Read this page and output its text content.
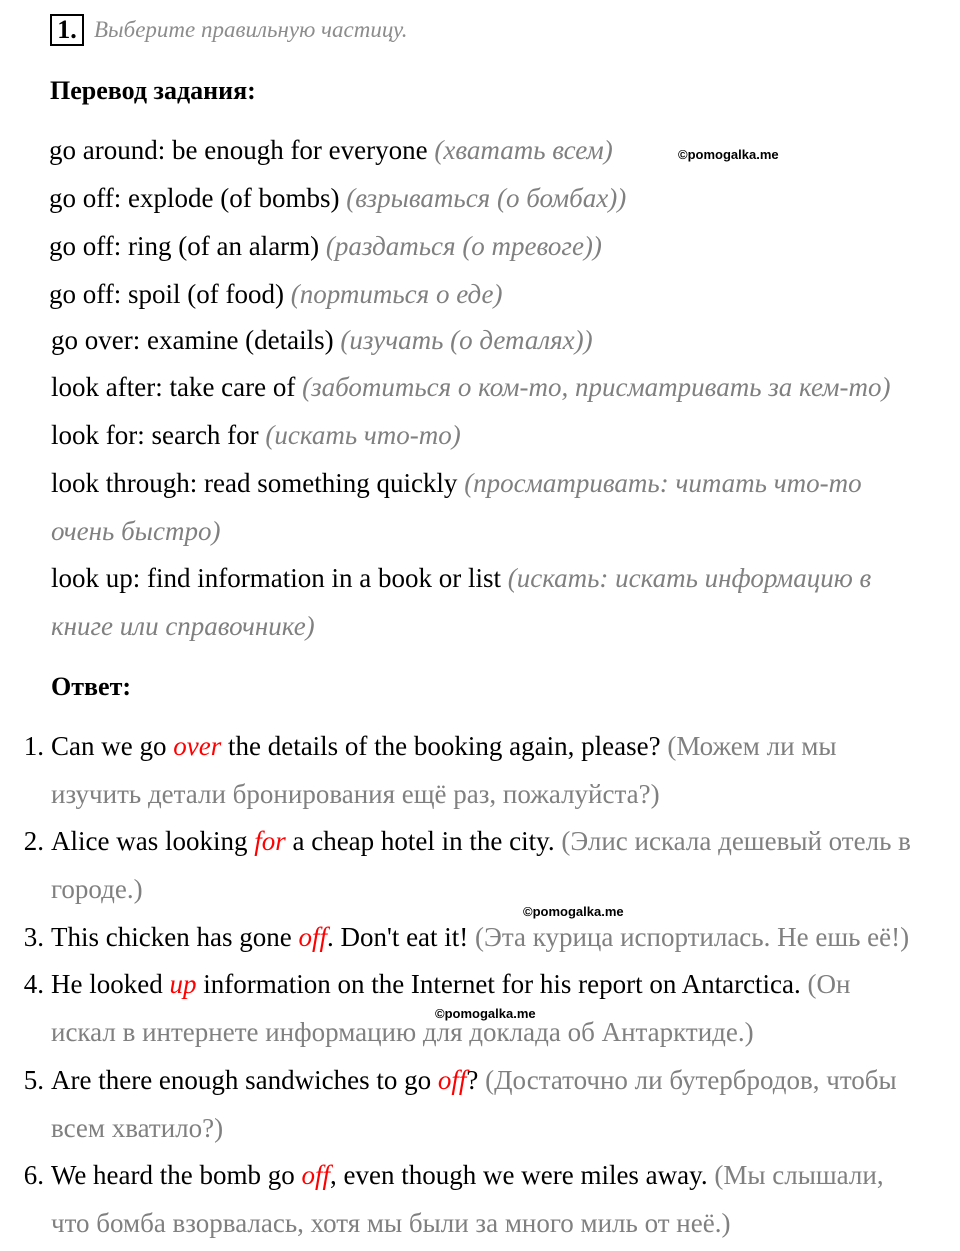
1. Выберите правильную частицу.
Перевод задания:
go around: be enough for everyone (хватать всем)	©pomogalka.me
go off: explode (of bombs) (взрываться (о бомбах))
go off: ring (of an alarm) (раздаться (о тревоге))
go off: spoil (of food) (портиться о еде)
go over: examine (details) (изучать (о деталях))
look after: take care of (заботиться о ком-то, присматривать за кем-то)
look for: search for (искать что-то)
look through: read something quickly (просматривать: читать что-то
очень быстро)
look up: find information in a book or list (искать: искать информацию в
книге или справочнике)
Ответ:
1. Can we go over the details of the booking again, please? (Можем ли мы
изучить детали бронирования ещё раз, пожалуйста?)
2. Alice was looking for a cheap hotel in the city. (Элис искала дешевый отель в
городе.)
©pomogalka.me
3. This chicken has gone off. Don't eat it! (Эта курица испортилась. Не ешь её!)
4. He looked up information on the Internet for his report on Antarctica. (Он
©pomogalka.me
искал в интернете информацию для доклада об Антарктиде.)
5. Are there enough sandwiches to go off? (Достаточно ли бутербродов, чтобы
всем хватило?)
6. We heard the bomb go off, even though we were miles away. (Мы слышали,
что бомба взорвалась, хотя мы были за много миль от неё.)
